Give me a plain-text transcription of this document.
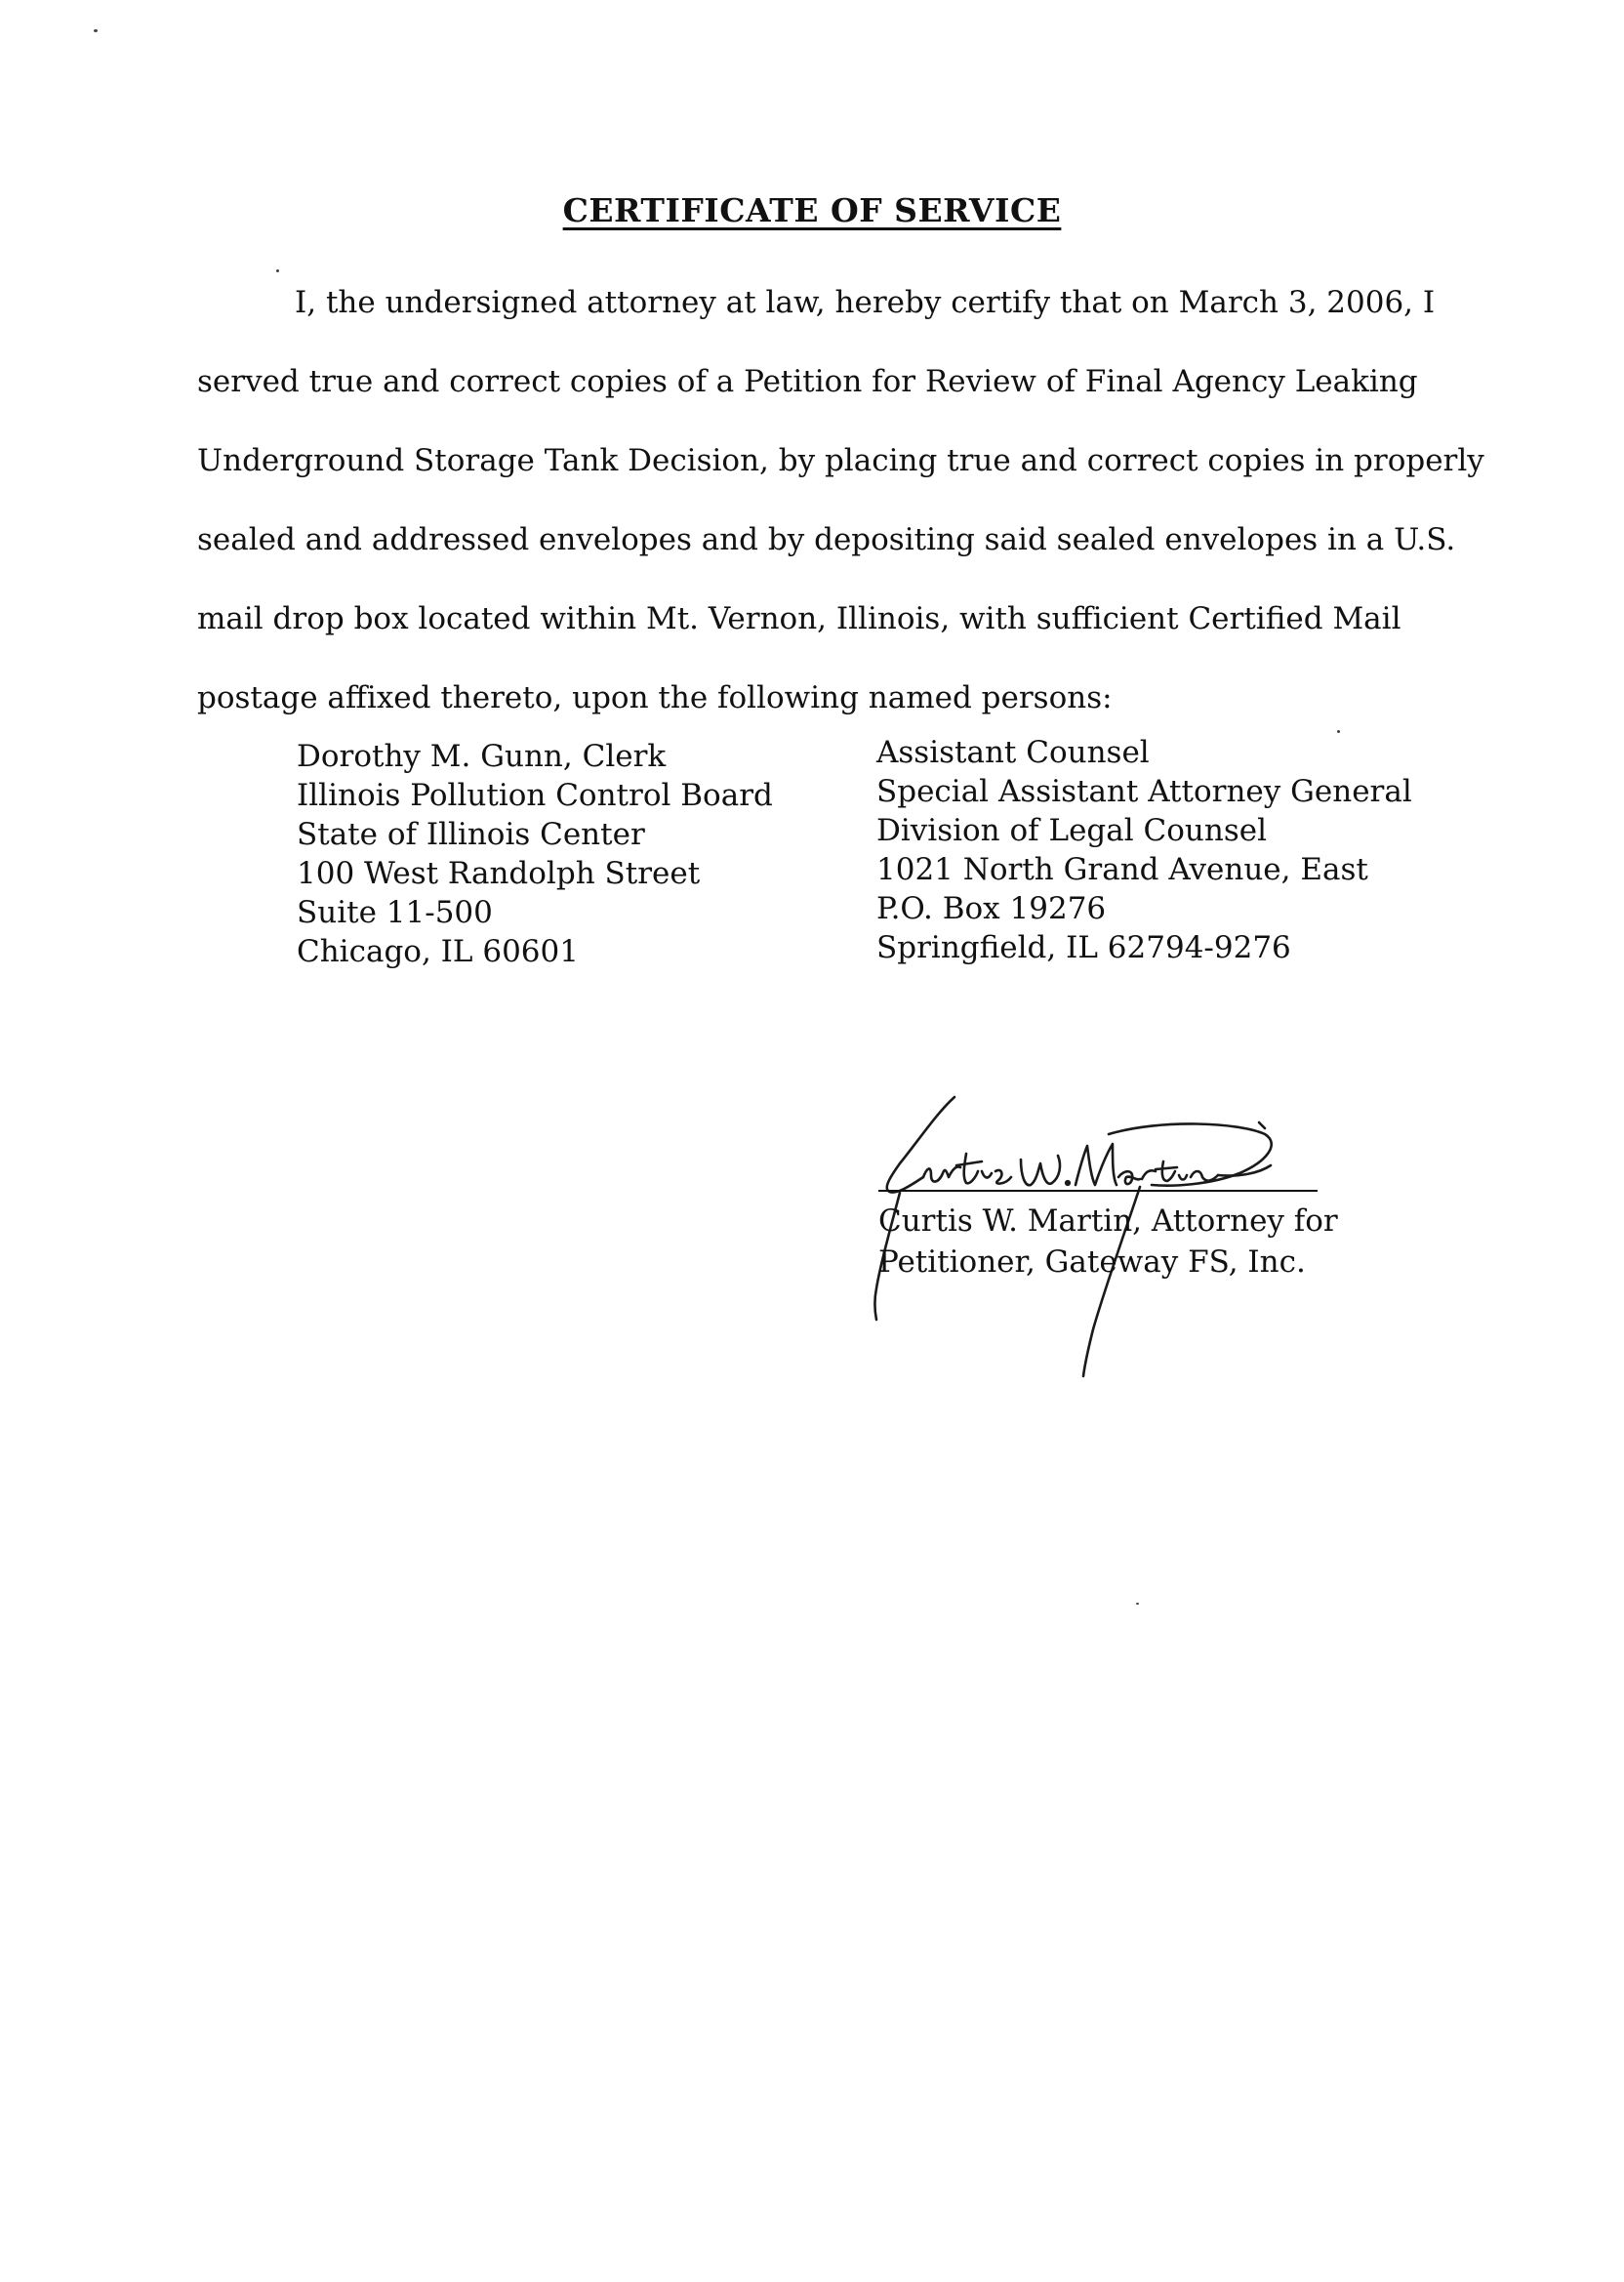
CERTIFICATE OF SERVICE
I, the undersigned attorney at law, hereby certify that on March 3, 2006, I
served true and correct copies of a Petition for Review of Final Agency Leaking
Underground Storage Tank Decision, by placing true and correct copies in properly
sealed and addressed envelopes and by depositing said sealed envelopes in a U.S.
mail drop box located within Mt. Vernon, Illinois, with sufficient Certified Mail
postage affixed thereto, upon the following named persons:
Dorothy M. Gunn, Clerk
Illinois Pollution Control Board
State of Illinois Center
100 West Randolph Street
Suite 11-500
Chicago, IL 60601
Assistant Counsel
Special Assistant Attorney General
Division of Legal Counsel
1021 North Grand Avenue, East
P.O. Box 19276
Springfield, IL 62794-9276
Curtis W. Martin, Attorney for
Petitioner, Gateway FS, Inc.
